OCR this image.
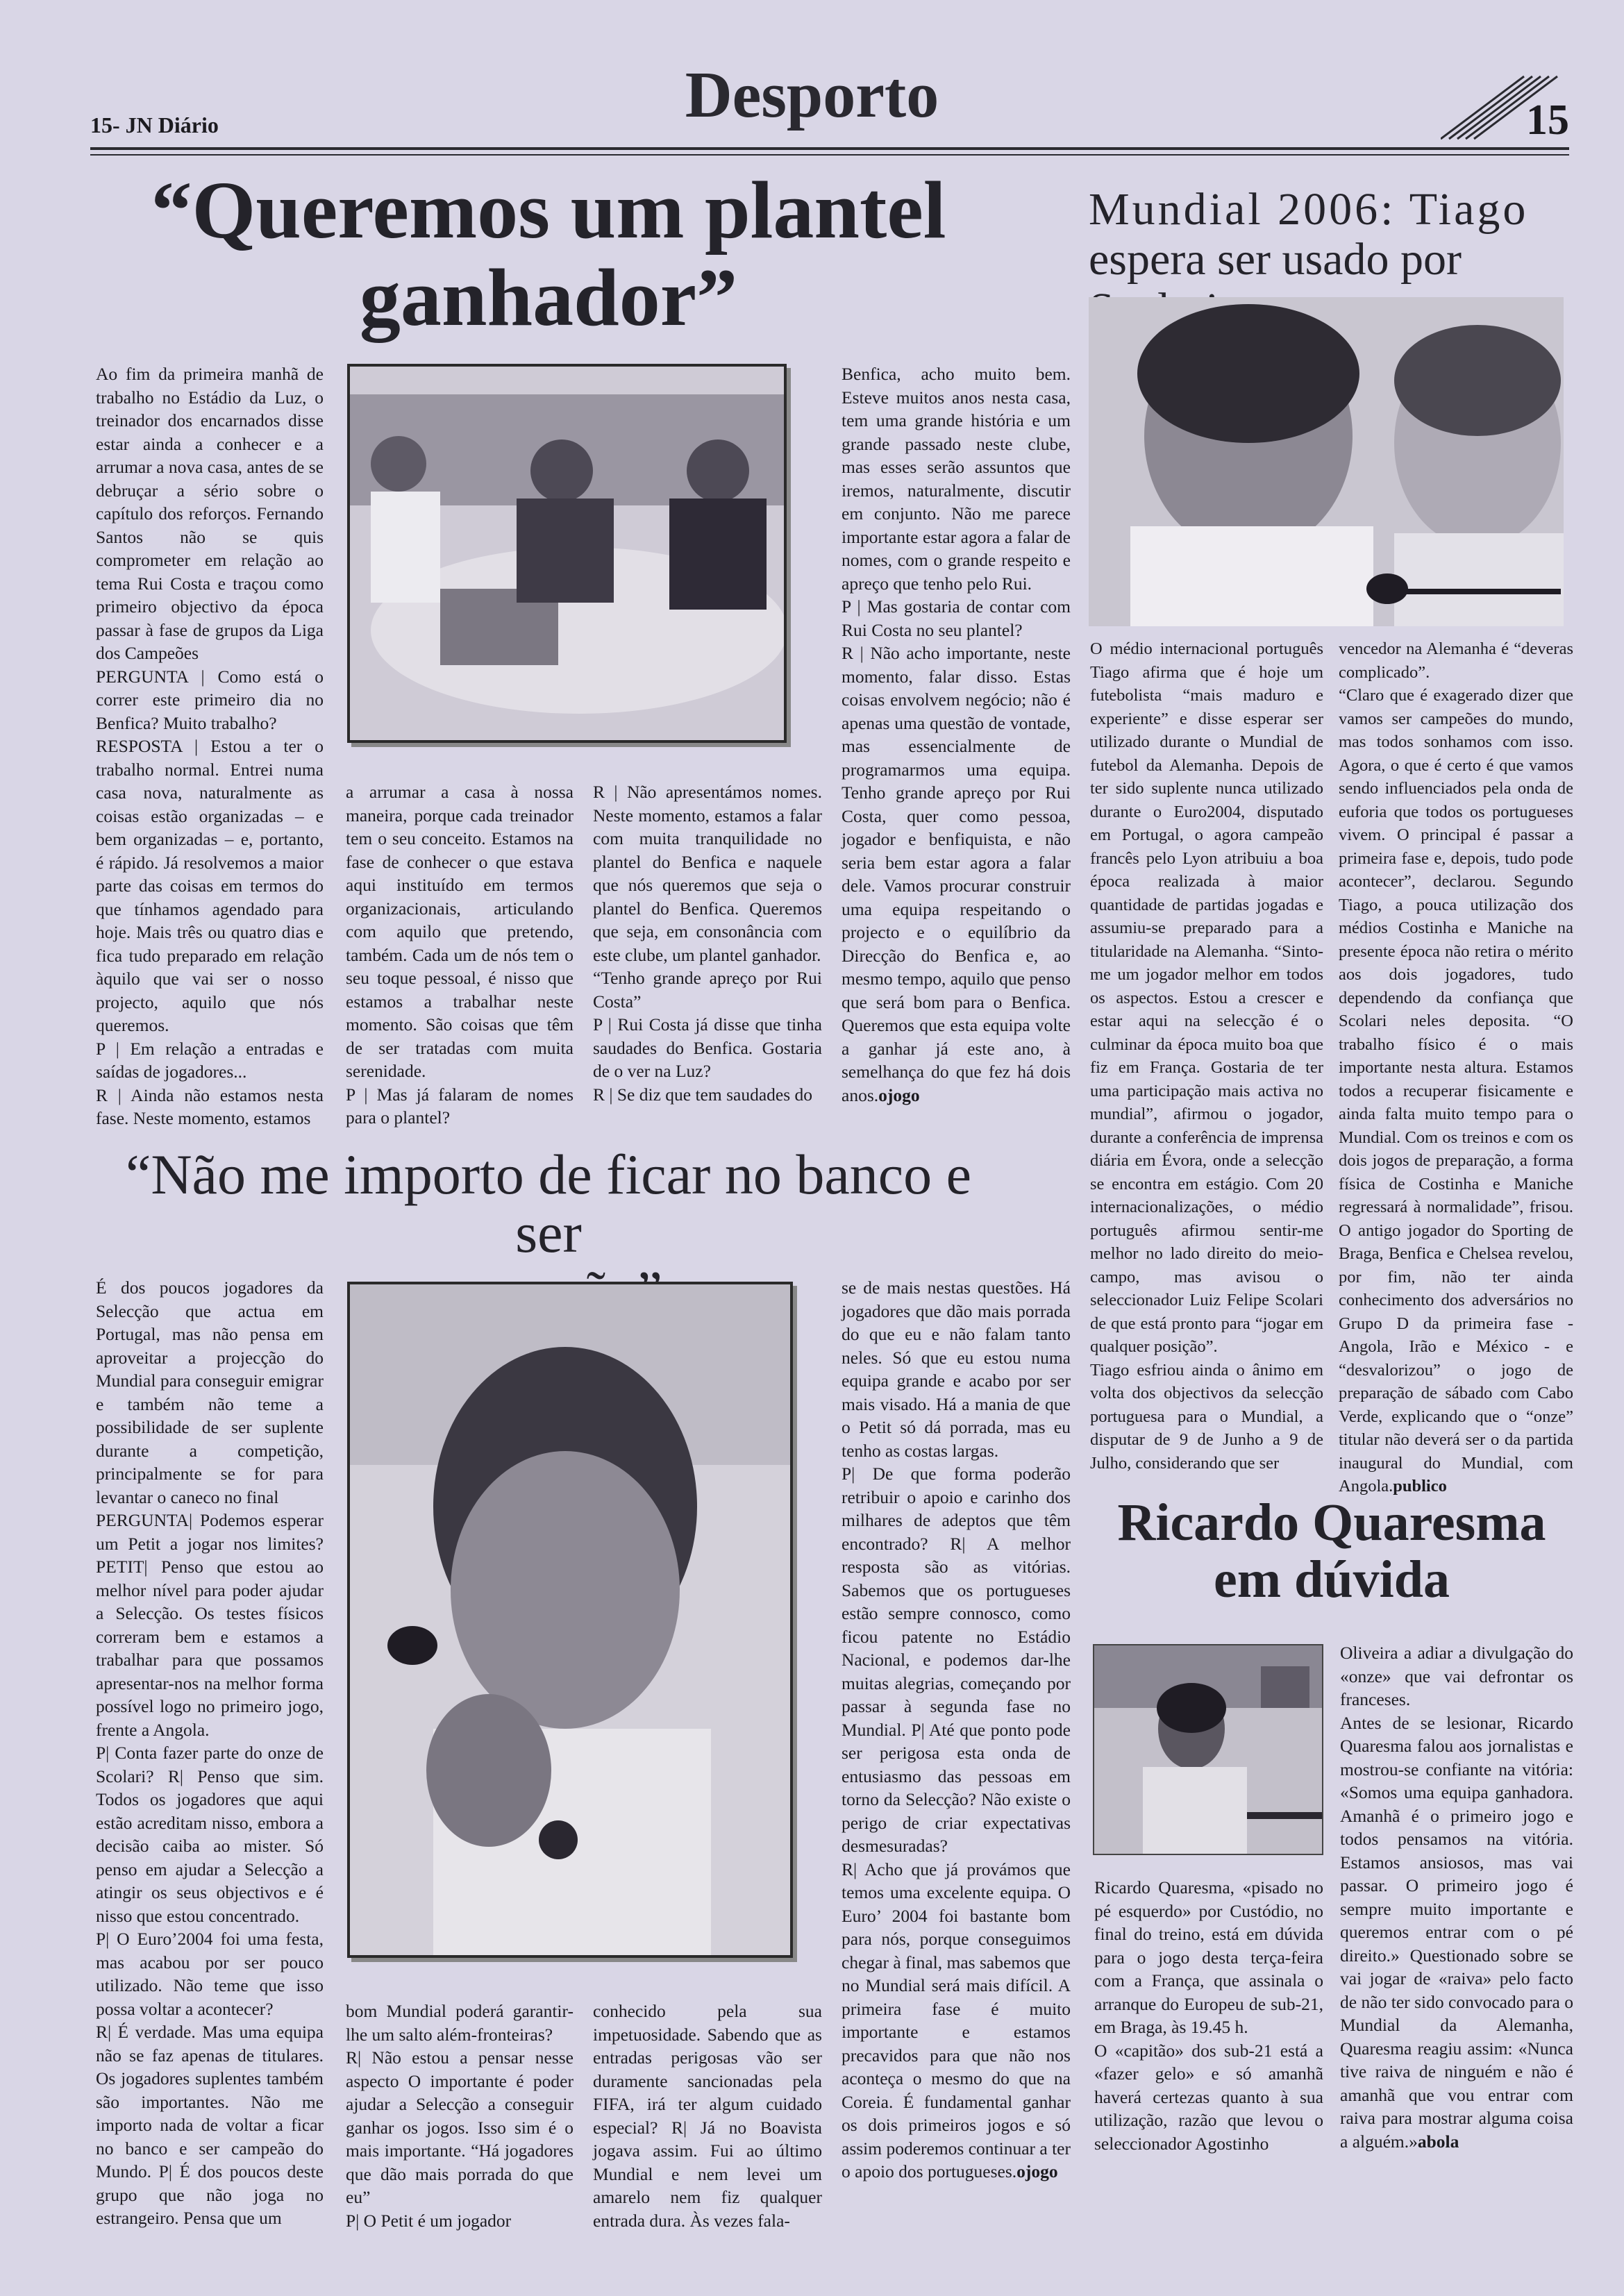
15- JN Diário	Desporto	15
“Queremos um plantel
ganhador”
Ao fim da primeira manhã de trabalho no Estádio da Luz, o treinador dos encarnados disse estar ainda a conhecer e a arrumar a nova casa, antes de se debruçar a sério sobre o capítulo dos reforços. Fernando Santos não se quis comprometer em relação ao tema Rui Costa e traçou como primeiro objectivo da época passar à fase de grupos da Liga dos Campeões
PERGUNTA | Como está o correr este primeiro dia no Benfica? Muito trabalho?
RESPOSTA | Estou a ter o trabalho normal. Entrei numa casa nova, naturalmente as coisas estão organizadas – e bem organizadas – e, portanto, é rápido. Já resolvemos a maior parte das coisas em termos do que tínhamos agendado para hoje. Mais três ou quatro dias e fica tudo preparado em relação àquilo que vai ser o nosso projecto, aquilo que nós queremos.
P | Em relação a entradas e saídas de jogadores...
R | Ainda não estamos nesta fase. Neste momento, estamos
a arrumar a casa à nossa maneira, porque cada treinador tem o seu conceito. Estamos na fase de conhecer o que estava aqui instituído em termos organizacionais, articulando com aquilo que pretendo, também. Cada um de nós tem o seu toque pessoal, é nisso que estamos a trabalhar neste momento. São coisas que têm de ser tratadas com muita serenidade.
P | Mas já falaram de nomes para o plantel?
R | Não apresentámos nomes. Neste momento, estamos a falar com muita tranquilidade no plantel do Benfica e naquele que nós queremos que seja o plantel do Benfica. Queremos que seja, em consonância com este clube, um plantel ganhador.
“Tenho grande apreço por Rui Costa”
P | Rui Costa já disse que tinha saudades do Benfica. Gostaria de o ver na Luz?
R | Se diz que tem saudades do
Benfica, acho muito bem. Esteve muitos anos nesta casa, tem uma grande história e um grande passado neste clube, mas esses serão assuntos que iremos, naturalmente, discutir em conjunto. Não me parece importante estar agora a falar de nomes, com o grande respeito e apreço que tenho pelo Rui.
P | Mas gostaria de contar com Rui Costa no seu plantel?
R | Não acho importante, neste momento, falar disso. Estas coisas envolvem negócio; não é apenas uma questão de vontade, mas essencialmente de programarmos uma equipa. Tenho grande apreço por Rui Costa, quer como pessoa, jogador e benfiquista, e não seria bem estar agora a falar dele. Vamos procurar construir uma equipa respeitando o projecto e o equilíbrio da Direcção do Benfica e, ao mesmo tempo, aquilo que penso que será bom para o Benfica. Queremos que esta equipa volte a ganhar já este ano, à semelhança do que fez há dois anos.ojogo
“Não me importo de ficar no banco e ser
É dos poucos jogadores da Selecção que actua em Portugal, mas não pensa em aproveitar a projecção do Mundial para conseguir emigrar e também não teme a possibilidade de ser suplente durante a competição, principalmente se for para levantar o caneco no final
PERGUNTA| Podemos esperar um Petit a jogar nos limites? PETIT| Penso que estou ao melhor nível para poder ajudar a Selecção. Os testes físicos correram bem e estamos a trabalhar para que possamos apresentar-nos na melhor forma possível logo no primeiro jogo, frente a Angola.
P| Conta fazer parte do onze de Scolari? R| Penso que sim. Todos os jogadores que aqui estão acreditam nisso, embora a decisão caiba ao mister. Só penso em ajudar a Selecção a atingir os seus objectivos e é nisso que estou concentrado.
P| O Euro’2004 foi uma festa, mas acabou por ser pouco utilizado. Não teme que isso possa voltar a acontecer?
R| É verdade. Mas uma equipa não se faz apenas de titulares. Os jogadores suplentes também são importantes. Não me importo nada de voltar a ficar no banco e ser campeão do Mundo. P| É dos poucos deste grupo que não joga no estrangeiro. Pensa que um
bom Mundial poderá garantir-lhe um salto além-fronteiras?
R| Não estou a pensar nesse aspecto O importante é poder ajudar a Selecção a conseguir ganhar os jogos. Isso sim é o mais importante. “Há jogadores que dão mais porrada do que eu”
P| O Petit é um jogador
conhecido pela sua impetuosidade. Sabendo que as entradas perigosas vão ser duramente sancionadas pela FIFA, irá ter algum cuidado especial? R| Já no Boavista jogava assim. Fui ao último Mundial e nem levei um amarelo nem fiz qualquer entrada dura. Às vezes fala-
se de mais nestas questões. Há jogadores que dão mais porrada do que eu e não falam tanto neles. Só que eu estou numa equipa grande e acabo por ser mais visado. Há a mania de que o Petit só dá porrada, mas eu tenho as costas largas.
P| De que forma poderão retribuir o apoio e carinho dos milhares de adeptos que têm encontrado? R| A melhor resposta são as vitórias. Sabemos que os portugueses estão sempre connosco, como ficou patente no Estádio Nacional, e podemos dar-lhe muitas alegrias, começando por passar à segunda fase no Mundial. P| Até que ponto pode ser perigosa esta onda de entusiasmo das pessoas em torno da Selecção? Não existe o perigo de criar expectativas desmesuradas?
R| Acho que já provámos que temos uma excelente equipa. O Euro’ 2004 foi bastante bom para nós, porque conseguimos chegar à final, mas sabemos que no Mundial será mais difícil. A primeira fase é muito importante e estamos precavidos para que não nos aconteça o mesmo do que na Coreia. É fundamental ganhar os dois primeiros jogos e só assim poderemos continuar a ter o apoio dos portugueses.ojogo
Mundial 2006: Tiago
espera ser usado por
O médio internacional português Tiago afirma que é hoje um futebolista “mais maduro e experiente” e disse esperar ser utilizado durante o Mundial de futebol da Alemanha. Depois de ter sido suplente nunca utilizado durante o Euro2004, disputado em Portugal, o agora campeão francês pelo Lyon atribuiu a boa época realizada à maior quantidade de partidas jogadas e assumiu-se preparado para a titularidade na Alemanha. “Sinto-me um jogador melhor em todos os aspectos. Estou a crescer e estar aqui na selecção é o culminar da época muito boa que fiz em França. Gostaria de ter uma participação mais activa no mundial”, afirmou o jogador, durante a conferência de imprensa diária em Évora, onde a selecção se encontra em estágio. Com 20 internacionalizações, o médio português afirmou sentir-me melhor no lado direito do meio-campo, mas avisou o seleccionador Luiz Felipe Scolari de que está pronto para “jogar em qualquer posição”.
Tiago esfriou ainda o ânimo em volta dos objectivos da selecção portuguesa para o Mundial, a disputar de 9 de Junho a 9 de Julho, considerando que ser
vencedor na Alemanha é “deveras complicado”.
“Claro que é exagerado dizer que vamos ser campeões do mundo, mas todos sonhamos com isso. Agora, o que é certo é que vamos sendo influenciados pela onda de euforia que todos os portugueses vivem. O principal é passar a primeira fase e, depois, tudo pode acontecer”, declarou. Segundo Tiago, a pouca utilização dos médios Costinha e Maniche na presente época não retira o mérito aos dois jogadores, tudo dependendo da confiança que Scolari neles deposita. “O trabalho físico é o mais importante nesta altura. Estamos todos a recuperar fisicamente e ainda falta muito tempo para o Mundial. Com os treinos e com os dois jogos de preparação, a forma física de Costinha e Maniche regressará à normalidade”, frisou. O antigo jogador do Sporting de Braga, Benfica e Chelsea revelou, por fim, não ter ainda conhecimento dos adversários no Grupo D da primeira fase - Angola, Irão e México - e “desvalorizou” o jogo de preparação de sábado com Cabo Verde, explicando que o “onze” titular não deverá ser o da partida inaugural do Mundial, com Angola.publico
Ricardo Quaresma
em dúvida
Ricardo Quaresma, «pisado no pé esquerdo» por Custódio, no final do treino, está em dúvida para o jogo desta terça-feira com a França, que assinala o arranque do Europeu de sub-21, em Braga, às 19.45 h.
O «capitão» dos sub-21 está a «fazer gelo» e só amanhã haverá certezas quanto à sua utilização, razão que levou o seleccionador Agostinho
Oliveira a adiar a divulgação do «onze» que vai defrontar os franceses.
Antes de se lesionar, Ricardo Quaresma falou aos jornalistas e mostrou-se confiante na vitória: «Somos uma equipa ganhadora. Amanhã é o primeiro jogo e todos pensamos na vitória. Estamos ansiosos, mas vai passar. O primeiro jogo é sempre muito importante e queremos entrar com o pé direito.» Questionado sobre se vai jogar de «raiva» pelo facto de não ter sido convocado para o Mundial da Alemanha, Quaresma reagiu assim: «Nunca tive raiva de ninguém e não é amanhã que vou entrar com raiva para mostrar alguma coisa a alguém.»abola
